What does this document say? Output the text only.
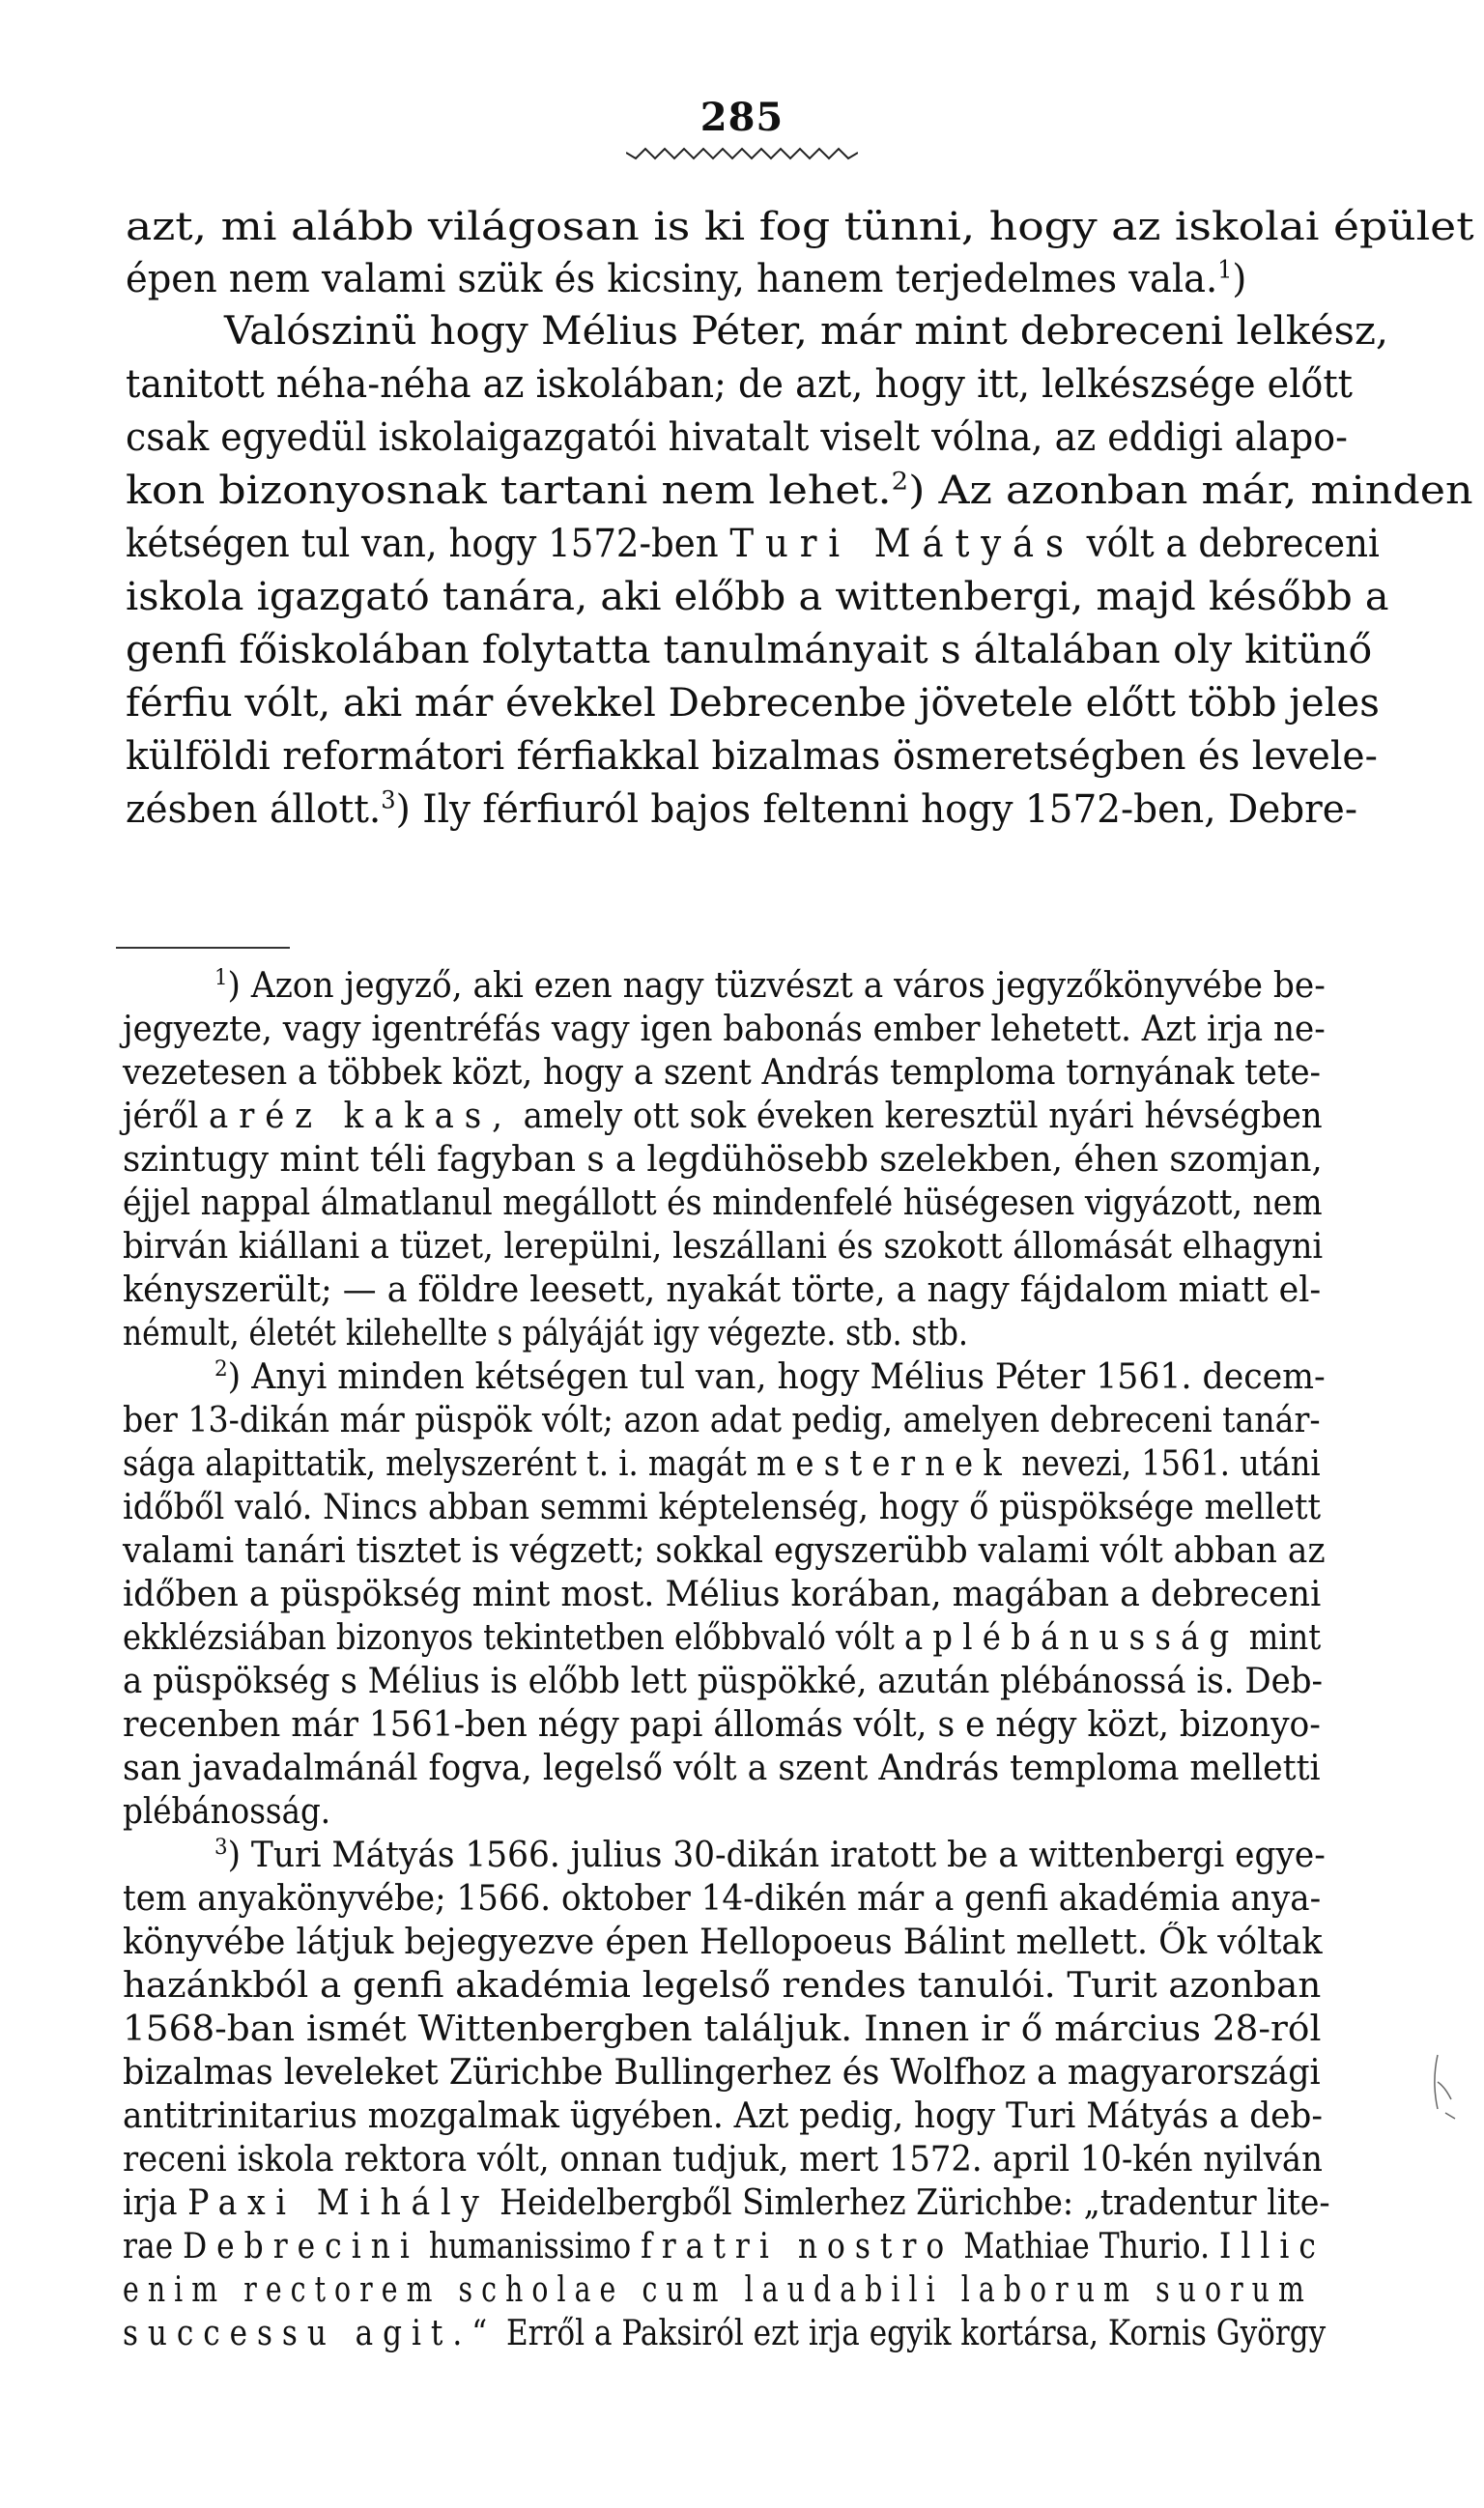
285
azt, mi alább világosan is ki fog tünni, hogy az iskolai épület
épen nem valami szük és kicsiny, hanem terjedelmes vala.$^1$)
Valószinü hogy Mélius Péter, már mint debreceni lelkész,
tanitott néha-néha az iskolában; de azt, hogy itt, lelkészsége előtt
csak egyedül iskolaigazgatói hivatalt viselt vólna, az eddigi alapo-
kon bizonyosnak tartani nem lehet.$^2$) Az azonban már, minden
kétségen tul van, hogy 1572-ben Turi Mátyás vólt a debreceni
iskola igazgató tanára, aki előbb a wittenbergi, majd később a
genfi főiskolában folytatta tanulmányait s általában oly kitünő
férfiu vólt, aki már évekkel Debrecenbe jövetele előtt több jeles
külföldi reformátori férfiakkal bizalmas ösmeretségben és levele-
zésben állott.$^3$) Ily férfiuról bajos feltenni hogy 1572-ben, Debre-
$^1$) Azon jegyző, aki ezen nagy tüzvészt a város jegyzőkönyvébe be-
jegyezte, vagy igentréfás vagy igen babonás ember lehetett. Azt irja ne-
vezetesen a többek közt, hogy a szent András temploma tornyának tete-
jéről a réz kakas, amely ott sok éveken keresztül nyári hévségben
szintugy mint téli fagyban s a legdühösebb szelekben, éhen szomjan,
éjjel nappal álmatlanul megállott és mindenfelé hüségesen vigyázott, nem
birván kiállani a tüzet, lerepülni, leszállani és szokott állomását elhagyni
kényszerült; — a földre leesett, nyakát törte, a nagy fájdalom miatt el-
némult, életét kilehellte s pályáját igy végezte. stb. stb.
$^2$) Anyi minden kétségen tul van, hogy Mélius Péter 1561. decem-
ber 13-dikán már püspök vólt; azon adat pedig, amelyen debreceni tanár-
sága alapittatik, melyszerént t. i. magát mesternek nevezi, 1561. utáni
időből való. Nincs abban semmi képtelenség, hogy ő püspöksége mellett
valami tanári tisztet is végzett; sokkal egyszerübb valami vólt abban az
időben a püspökség mint most. Mélius korában, magában a debreceni
ekklézsiában bizonyos tekintetben előbbvaló vólt a plébánusság mint
a püspökség s Mélius is előbb lett püspökké, azután plébánossá is. Deb-
recenben már 1561-ben négy papi állomás vólt, s e négy közt, bizonyo-
san javadalmánál fogva, legelső vólt a szent András temploma melletti
plébánosság.
$^3$) Turi Mátyás 1566. julius 30-dikán iratott be a wittenbergi egye-
tem anyakönyvébe; 1566. oktober 14-dikén már a genfi akadémia anya-
könyvébe látjuk bejegyezve épen Hellopoeus Bálint mellett. Ők vóltak
hazánkból a genfi akadémia legelső rendes tanulói. Turit azonban
1568-ban ismét Wittenbergben találjuk. Innen ir ő március 28-ról
bizalmas leveleket Zürichbe Bullingerhez és Wolfhoz a magyarországi
antitrinitarius mozgalmak ügyében. Azt pedig, hogy Turi Mátyás a deb-
receni iskola rektora vólt, onnan tudjuk, mert 1572. april 10-kén nyilván
irja Paxi Mihály Heidelbergből Simlerhez Zürichbe: „tradentur lite-
rae Debrecini humanissimo fratri nostro Mathiae Thurio. Illic
enim rectorem scholae cum laudabili laborum suorum
successu agit.“ Erről a Paksiról ezt irja egyik kortársa, Kornis György
